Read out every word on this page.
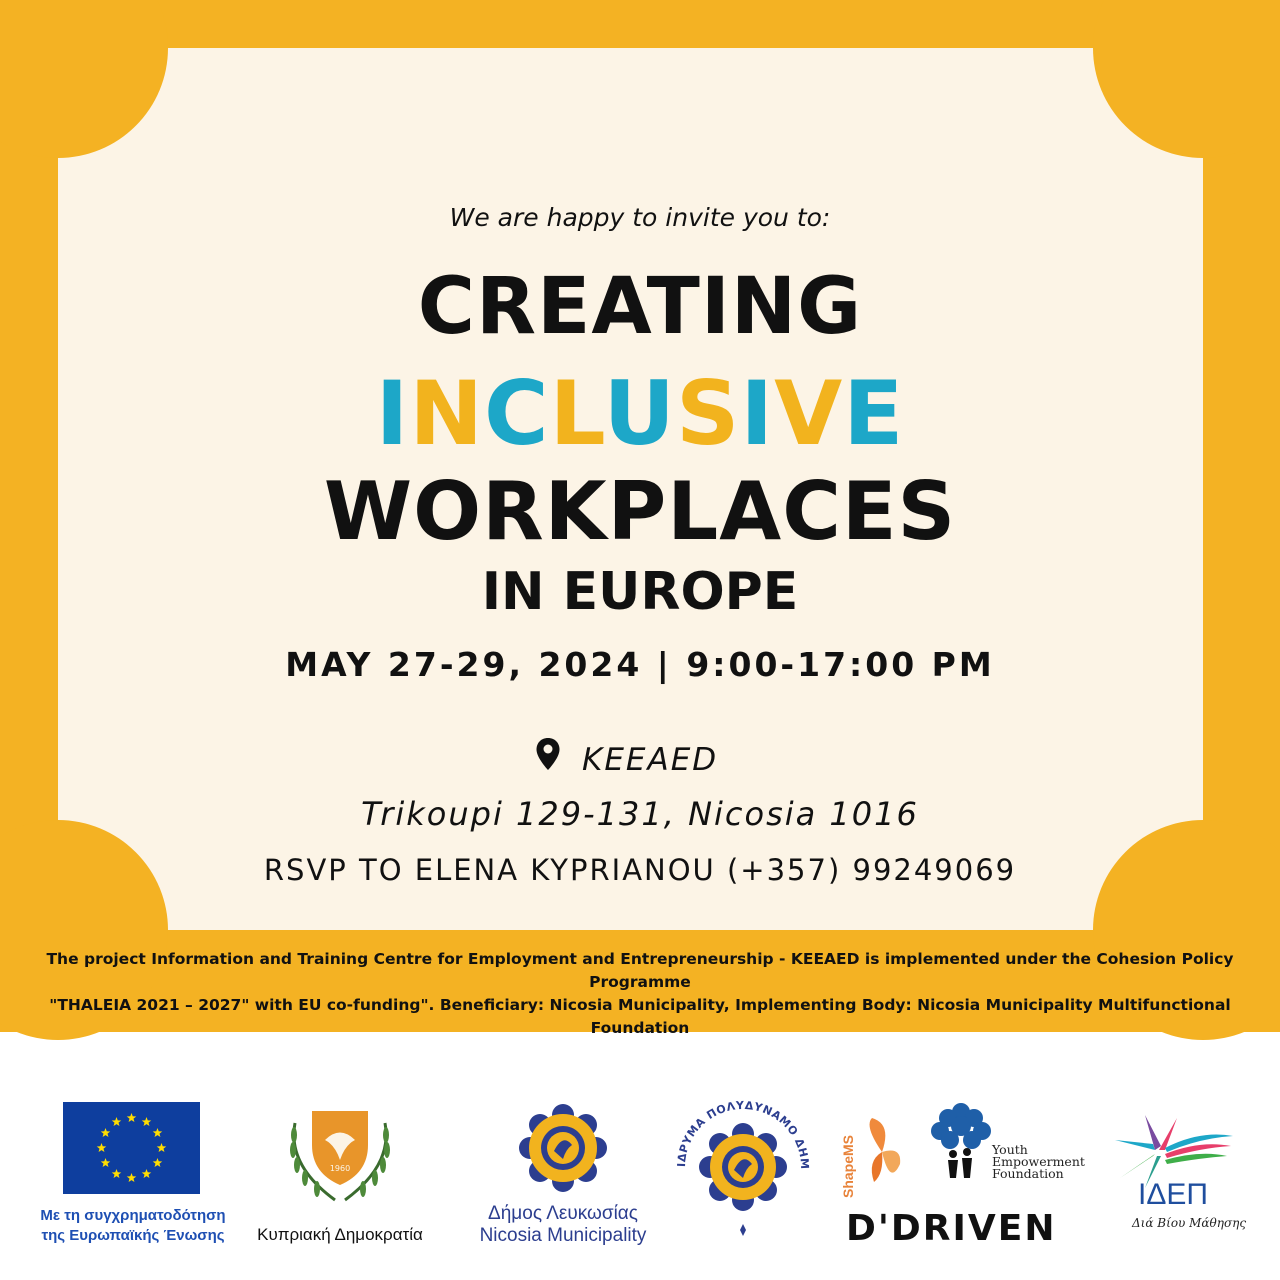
We are happy to invite you to:
CREATING
INCLUSIVE
WORKPLACES
IN EUROPE
MAY 27-29, 2024 | 9:00-17:00 PM
KEEAED
Trikoupi 129-131, Nicosia 1016
RSVP TO ELENA KYPRIANOU (+357) 99249069
The project Information and Training Centre for Employment and Entrepreneurship - KEEAED is implemented under the Cohesion Policy Programme
"THALEIA 2021 – 2027" with EU co-funding". Beneficiary: Nicosia Municipality, Implementing Body: Nicosia Municipality Multifunctional Foundation
Με τη συγχρηματοδότηση
της Ευρωπαϊκής Ένωσης
1960
Κυπριακή Δημοκρατία
Δήμος Λευκωσίας
Nicosia Municipality
ΙΔΡΥΜΑ ΠΟΛΥΔΥΝΑΜΟ ΔΗΜ ShapeMS	Youth
Empowerment
Foundation
D'DRIVEN
ΙΔΕΠ
Διά Βίου Μάθησης
